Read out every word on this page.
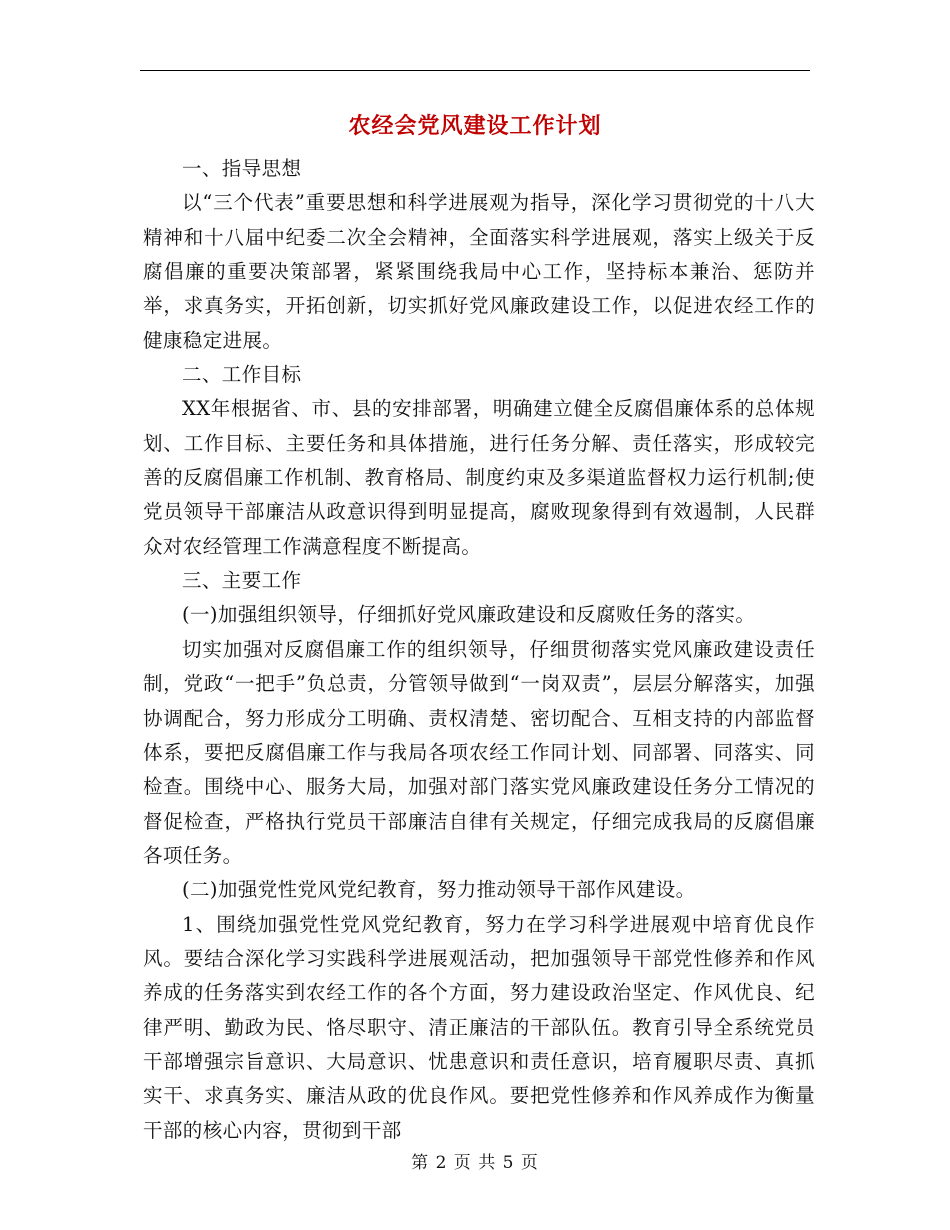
农经会党风建设工作计划

一、指导思想

以“三个代表”重要思想和科学进展观为指导，深化学习贯彻党的十八大精神和十八届中纪委二次全会精神，全面落实科学进展观，落实上级关于反腐倡廉的重要决策部署，紧紧围绕我局中心工作，坚持标本兼治、惩防并举，求真务实，开拓创新，切实抓好党风廉政建设工作，以促进农经工作的健康稳定进展。

二、工作目标

XX年根据省、市、县的安排部署，明确建立健全反腐倡廉体系的总体规划、工作目标、主要任务和具体措施，进行任务分解、责任落实，形成较完善的反腐倡廉工作机制、教育格局、制度约束及多渠道监督权力运行机制;使党员领导干部廉洁从政意识得到明显提高，腐败现象得到有效遏制，人民群众对农经管理工作满意程度不断提高。

三、主要工作

(一)加强组织领导，仔细抓好党风廉政建设和反腐败任务的落实。

切实加强对反腐倡廉工作的组织领导，仔细贯彻落实党风廉政建设责任制，党政“一把手”负总责，分管领导做到“一岗双责”，层层分解落实，加强协调配合，努力形成分工明确、责权清楚、密切配合、互相支持的内部监督体系，要把反腐倡廉工作与我局各项农经工作同计划、同部署、同落实、同检查。围绕中心、服务大局，加强对部门落实党风廉政建设任务分工情况的督促检查，严格执行党员干部廉洁自律有关规定，仔细完成我局的反腐倡廉各项任务。

(二)加强党性党风党纪教育，努力推动领导干部作风建设。

1、围绕加强党性党风党纪教育，努力在学习科学进展观中培育优良作风。要结合深化学习实践科学进展观活动，把加强领导干部党性修养和作风养成的任务落实到农经工作的各个方面，努力建设政治坚定、作风优良、纪律严明、勤政为民、恪尽职守、清正廉洁的干部队伍。教育引导全系统党员干部增强宗旨意识、大局意识、忧患意识和责任意识，培育履职尽责、真抓实干、求真务实、廉洁从政的优良作风。要把党性修养和作风养成作为衡量干部的核心内容，贯彻到干部

第 2 页 共 5 页
